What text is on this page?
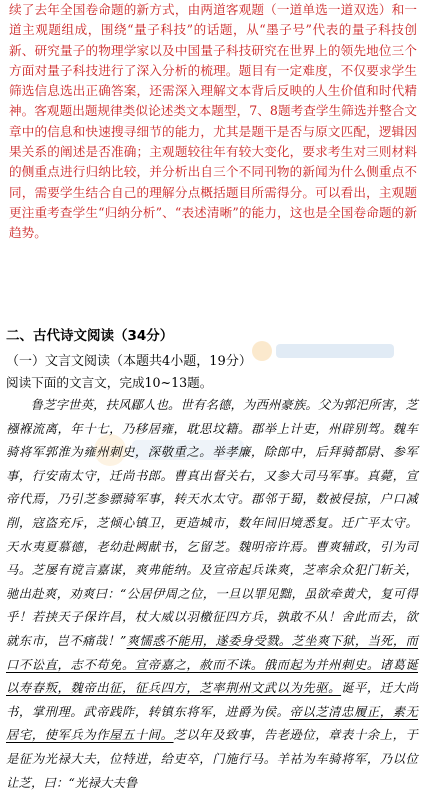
续了去年全国卷命题的新方式，由两道客观题（一道单选一道双选）和一道主观题组成，围绕“量子科技”的话题，从“墨子号”代表的量子科技创新、研究量子的物理学家以及中国量子科技研究在世界上的领先地位三个方面对量子科技进行了深入分析的梳理。题目有一定难度，不仅要求学生筛选信息选出正确答案，还需深入理解文本背后反映的人生价值和时代精神。客观题出题规律类似论述类文本题型，7、8题考查学生筛选并整合文章中的信息和快速搜寻细节的能力，尤其是题干是否与原文匹配，逻辑因果关系的阐述是否准确；主观题较往年有较大变化，要求考生对三则材料的侧重点进行归纳比较，并分析出自三个不同刊物的新闻为什么侧重点不同，需要学生结合自己的理解分点概括题目所需得分。可以看出，主观题更注重考查学生“归纳分析”、“表述清晰”的能力，这也是全国卷命题的新趋势。

二、古代诗文阅读（34分）
（一）文言文阅读（本题共4小题，19分）
阅读下面的文言文，完成10~13题。

鲁芝字世英，扶风郿人也。世有名德，为西州豪族。父为郭汜所害，芝襁褓流离，年十七，乃移居雍，耽思坟籍。郡举上计吏，州辟别驾。魏车骑将军郭淮为雍州刺史，深敬重之。举孝廉，除郎中，后拜骑都尉、参军事，行安南太守，迁尚书郎。曹真出督关右，又参大司马军事。真薨，宣帝代焉，乃引芝参骠骑军事，转天水太守。郡邻于蜀，数被侵掠，户口减削，寇盗充斥，芝倾心镇卫，更造城市，数年间旧境悉复。迁广平太守。天水夷夏慕德，老幼赴阙献书，乞留芝。魏明帝许焉。曹爽辅政，引为司马。芝屡有谠言嘉谋，爽弗能纳。及宣帝起兵诛爽，芝率余众犯门斩关，驰出赴爽，劝爽曰：“公居伊周之位，一旦以罪见黜，虽欲牵黄犬，复可得乎！若挟天子保许昌，杖大威以羽檄征四方兵，孰敢不从！舍此而去，欲就东市，岂不痛哉！”爽懦惑不能用，遂委身受戮。芝坐爽下狱，当死，而口不讼直，志不苟免。宣帝嘉之，赦而不诛。俄而起为并州刺史。诸葛诞以寿春叛，魏帝出征，征兵四方，芝率荆州文武以为先驱。诞平，迁大尚书，掌刑理。武帝践阼，转镇东将军，进爵为侯。帝以芝清忠履正，素无居宅，使军兵为作屋五十间。芝以年及致事，告老逊位，章表十余上，于是征为光禄大夫，位特进，给吏卒，门施行马。羊祜为车骑将军，乃以位让芝，曰：“光禄大夫鲁
